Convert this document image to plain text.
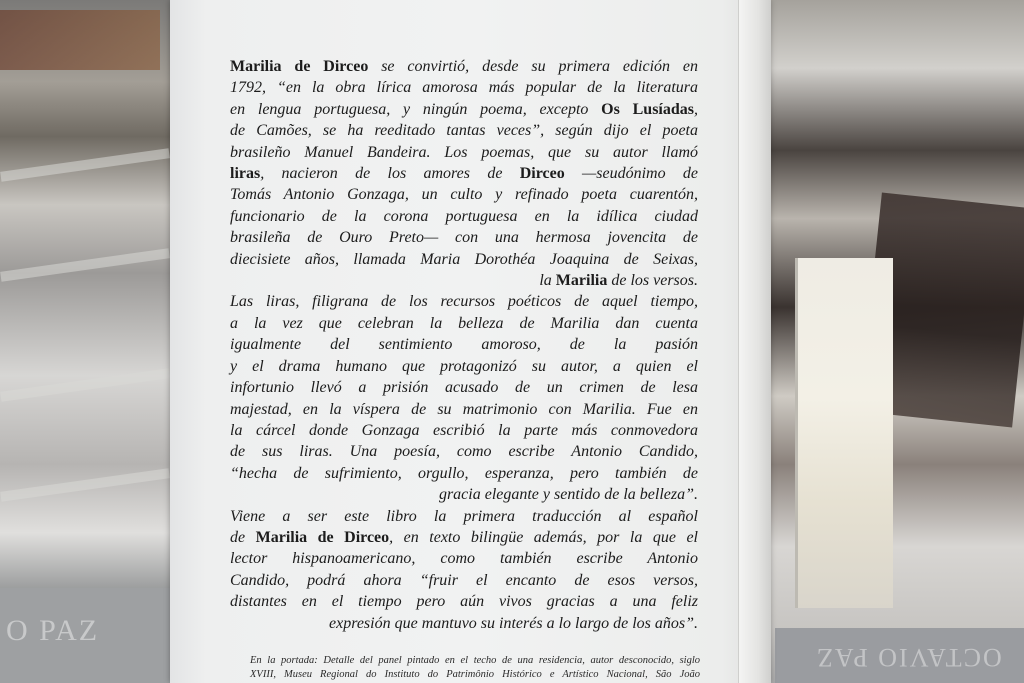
O PAZ
OCTAVIO PAZ
Marilia de Dirceo se convirtió, desde su primera edición en
1792, “en la obra lírica amorosa más popular de la literatura
en lengua portuguesa, y ningún poema, excepto Os Lusíadas,
de Camões, se ha reeditado tantas veces”, según dijo el poeta
brasileño Manuel Bandeira. Los poemas, que su autor llamó
liras, nacieron de los amores de Dirceo —seudónimo de
Tomás Antonio Gonzaga, un culto y refinado poeta cuarentón,
funcionario de la corona portuguesa en la idílica ciudad
brasileña de Ouro Preto— con una hermosa jovencita de
diecisiete años, llamada Maria Dorothéa Joaquina de Seixas,
la Marilia de los versos.
Las liras, filigrana de los recursos poéticos de aquel tiempo,
a la vez que celebran la belleza de Marilia dan cuenta
igualmente del sentimiento amoroso, de la pasión
y el drama humano que protagonizó su autor, a quien el
infortunio llevó a prisión acusado de un crimen de lesa
majestad, en la víspera de su matrimonio con Marilia. Fue en
la cárcel donde Gonzaga escribió la parte más conmovedora
de sus liras. Una poesía, como escribe Antonio Candido,
“hecha de sufrimiento, orgullo, esperanza, pero también de
gracia elegante y sentido de la belleza”.
Viene a ser este libro la primera traducción al español
de Marilia de Dirceo, en texto bilingüe además, por la que el
lector hispanoamericano, como también escribe Antonio
Candido, podrá ahora “fruir el encanto de esos versos,
distantes en el tiempo pero aún vivos gracias a una feliz
expresión que mantuvo su interés a lo largo de los años”.
En la portada: Detalle del panel pintado en el techo de una residencia, autor desconocido, siglo
XVIII, Museu Regional do Instituto do Patrimônio Histórico e Artístico Nacional, São João
